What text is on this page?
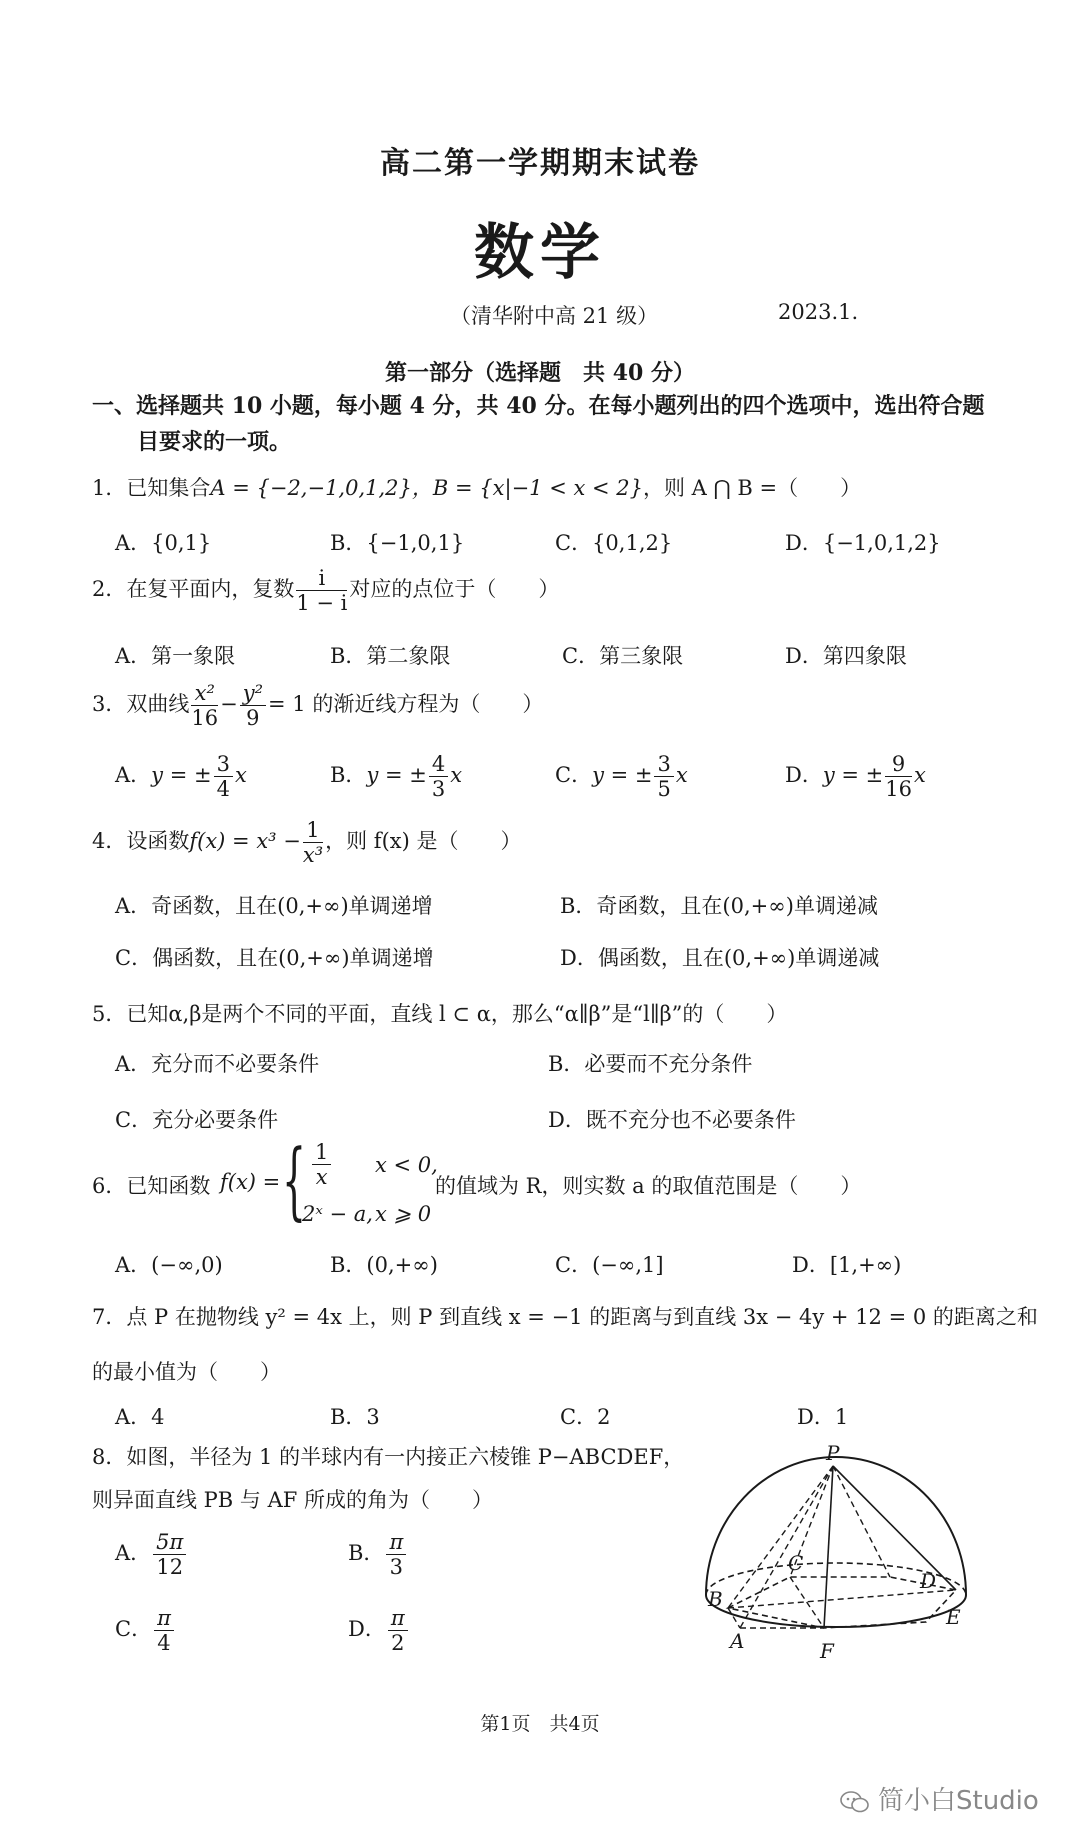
高二第一学期期末试卷
数学
（清华附中高 21 级）	2023.1.
第一部分（选择题　共 40 分）
一、选择题共 10 小题，每小题 4 分，共 40 分。在每小题列出的四个选项中，选出符合题
目要求的一项。
1．已知集合A = {−2,−1,0,1,2}，B = {x|−1 < x < 2}，则 A ⋂ B =（　　）
A．{0,1}	B．{−1,0,1}	C．{0,1,2}	D．{−1,0,1,2}
2．在复平面内，复数 $\frac{i}{1 - i}$ 对应的点位于（　　）
A．第一象限	B．第二象限	C．第三象限	D．第四象限
3．双曲线 $\frac{\text{x²}}{16} - \frac{\text{y²}}{9} = 1$ 的渐近线方程为（　　）
A．y = ± $\frac{3}{4}$ x	B．y = ± $\frac{4}{3}$ x	C．y = ± $\frac{3}{5}$ x	D．y = ± $\frac{9}{16}$ x
4．设函数$f(x) = x^3 - \frac{1}{\text{x³}}$，则 f(x) 是（　　）
A．奇函数，且在(0,+∞)单调递增	B．奇函数，且在(0,+∞)单调递减
C．偶函数，且在(0,+∞)单调递增	D．偶函数，且在(0,+∞)单调递减
5．已知α,β是两个不同的平面，直线 l ⊂ α，那么“α∥β”是“l∥β”的（　　）
A．充分而不必要条件	B．必要而不充分条件
C．充分必要条件	D．既不充分也不必要条件
6．已知函数 f(x) = { $\frac{1}{x}$ x < 0,
2ˣ − a, x ⩾ 0
的值域为 R，则实数 a 的取值范围是（　　）
A．(−∞,0)	B．(0,+∞)	C．(−∞,1]	D．[1,+∞)
7．点 P 在抛物线 y² = 4x 上，则 P 到直线 x = −1 的距离与到直线 3x − 4y + 12 = 0 的距离之和
的最小值为（　　）
A．4	B．3	C．2	D．1
8．如图，半径为 1 的半球内有一内接正六棱锥 P−ABCDEF，
则异面直线 PB 与 AF 所成的角为（　　）
A． $\frac{5\pi}{12}$	B． $\frac{\pi}{3}$
C． $\frac{\pi}{4}$	D． $\frac{\pi}{2}$
P
A
B
C
D
E
F
第1页　共4页
简小白Studio
